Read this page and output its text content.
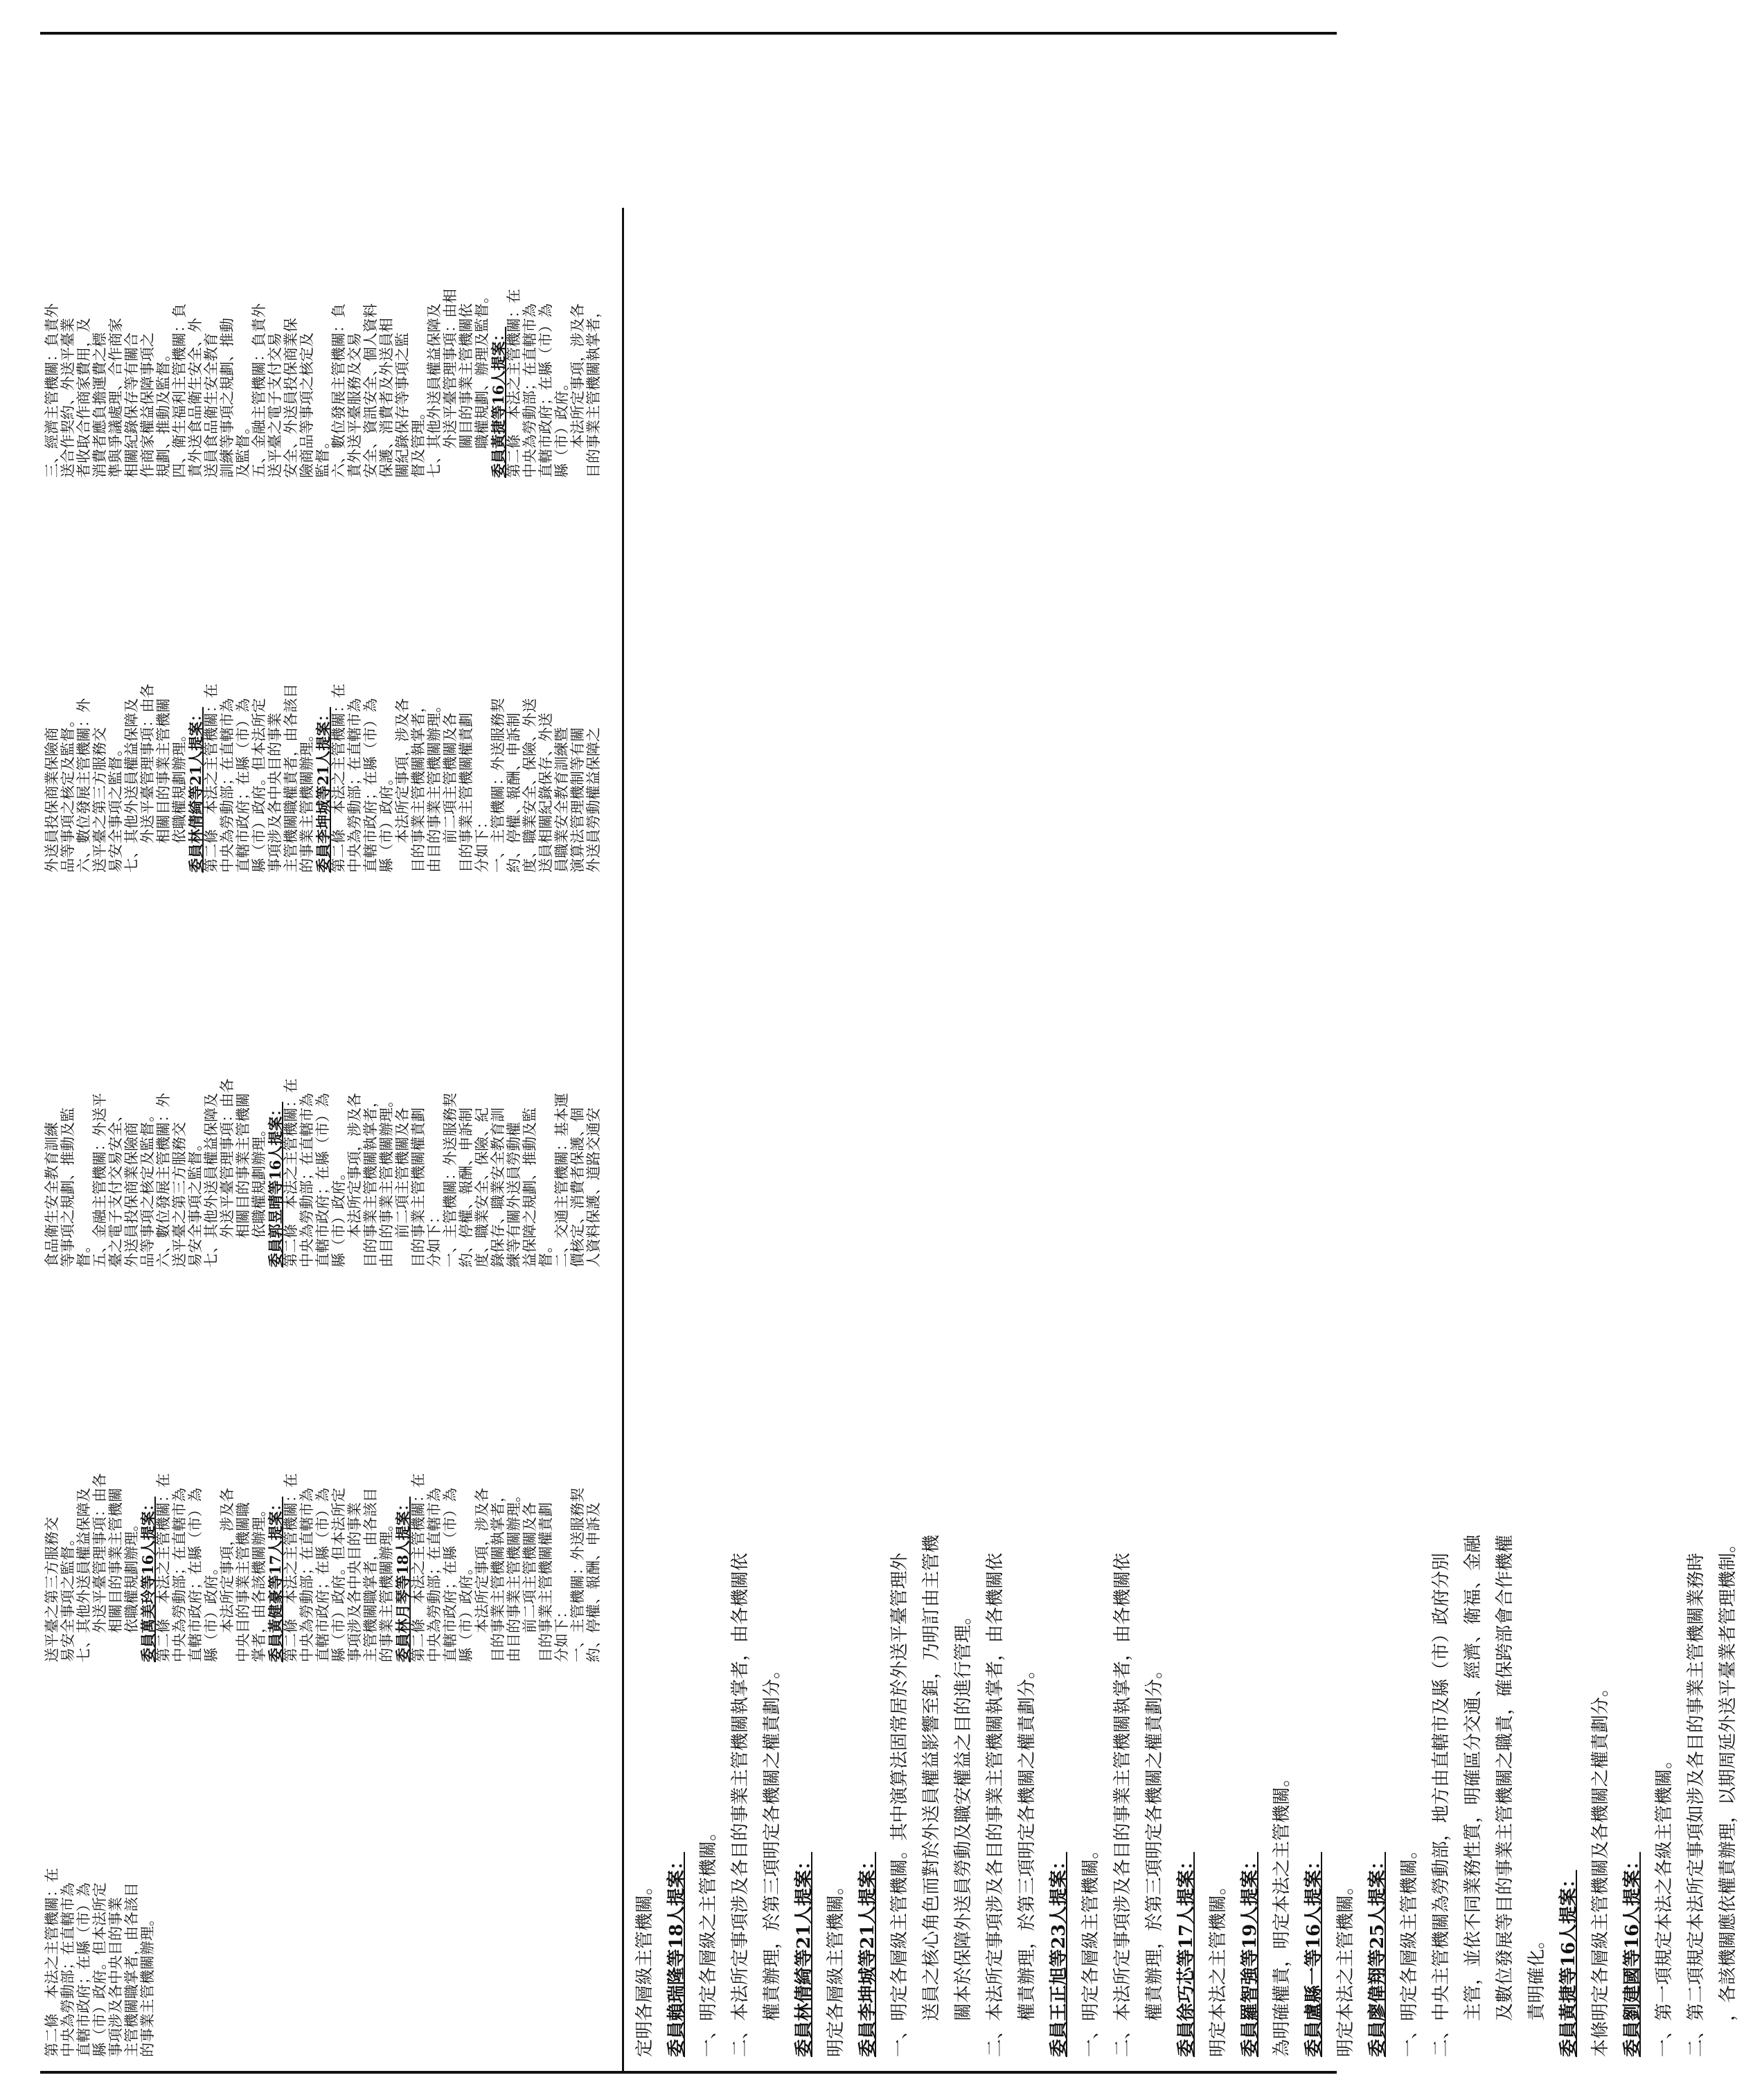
定明各層級主管機關。 委員賴瑞隆等18人提案： 一、明定各層級之主管機關。 二、本法所定事項涉及各目的事業主管機關執掌者，由各機關依 　　權責辦理，於第三項明定各機關之權責劃分。 委員林倩綺等21人提案： 明定各層級主管機關。 委員李坤城等21人提案： 一、明定各層級主管機關。其中演算法固常居於外送平臺管理外 　　送員之核心角色而對於外送員權益影響至鉅，乃明訂由主管機 　　關本於保障外送員勞動及職安權益之目的進行管理。 二、本法所定事項涉及各目的事業主管機關執掌者，由各機關依 　　權責辦理，於第三項明定各機關之權責劃分。 委員王正旭等23人提案： 一、明定各層級主管機關。 二、本法所定事項涉及各目的事業主管機關執掌者，由各機關依 　　權責辦理，於第三項明定各機關之權責劃分。 委員徐巧芯等17人提案： 明定本法之主管機關。 委員羅智強等19人提案： 為明確權責，明定本法之主管機關。 委員盧縣一等16人提案： 明定本法之主管機關。 委員廖偉翔等25人提案： 一、明定各層級主管機關。 二、中央主管機關為勞動部，地方由直轄市及縣（市）政府分別 　　主管，並依不同業務性質，明確區分交通、經濟、衛福、金融 　　及數位發展等目的事業主管機關之職責，確保跨部會合作機權 　　責明確化。 委員黃捷等16人提案： 本條明定各層級主管機關及各機關之權責劃分。 委員劉建國等16人提案： 一、第一項規定本法之各級主管機關。 二、第二項規定本法所定事項如涉及各目的事業主管機關業務時 　　，各該機關應依權責辦理，以期周延外送平臺業者管理機制。
第二條　本法之主管機關：在 中央為勞動部；在直轄市為 直轄市政府；在縣（市）為 縣（市）政府。但本法所定 事項涉及各中央目的事業 主管機關職掌者，由各該目 的事業主管機關辦理。
送平臺之第三方服務交 易安全事項之監督。 七、其他外送員權益保障及 　　外送平臺管理事項：由各 　　相關目的事業主管機關 　　依職權規劃辦理。 委員萬美玲等16人提案：
第二條　本法之主管機關：在 中央為勞動部；在直轄市為 直轄市政府；在縣（市）為 縣（市）政府。 　　本法所定事項，涉及各 中央目的事業主管機關職 掌者，由各該機關辦理。 委員黃健豪等17人提案：
第二條　本法之主管機關：在 中央為勞動部；在直轄市為 直轄市政府；在縣（市）為 縣（市）政府。但本法所定 事項涉及各中央目的事業 主管機關職掌者，由各該目 的事業主管機關辦理。 委員林月琴等18人提案：
第二條　本法之主管機關：在 中央為勞動部；在直轄市為 直轄市政府；在縣（市）為 縣（市）政府。 　　本法所定事項，涉及各 目的事業主管機關執掌者， 由目的事業主管機關辦理。 　　前二項主管機關及各 目的事業主管機關權責劃 分如下： 一、主管機關：外送服務契 約、停權、報酬、申訴及
食品衛生安全教育訓練 等事項之規劃、推動及監 督。 五、金融主管機關：外送平 臺之電子支付交易安全、 外送員投保商業保險商 品等事項之核定及監督。 六、數位發展主管機關：外 送平臺之第三方服務交 易安全事項之監督。 七、其他外送員權益保障及 　　外送平臺管理事項：由各 　　相關目的事業主管機關 　　依職權規劃辦理。 委員郭昱晴等16人提案：
第二條　本法之主管機關：在 中央為勞動部；在直轄市為 直轄市政府；在縣（市）為 縣（市）政府。 　　本法所定事項，涉及各 目的事業主管機關執掌者， 由目的事業主管機關辦理。 　　前二項主管機關及各 目的事業主管機關權責劃 分如下： 一、主管機關：外送服務契 約、停權、報酬、申訴制 度、職業安全、保險、紀 錄保存、職業安全教育訓 練等有關外送員勞動權 益保障之規劃、推動及監 督。 二、交通主管機關：基本運 價核定、消費者保護、個 人資料保護、道路交通安
外送員投保商業保險商 品等事項之核定及監督。 六、數位發展主管機關：外 送平臺之第三方服務交 易安全事項之監督。 七、其他外送員權益保障及 　　外送平臺管理事項：由各 　　相關目的事業主管機關 　　依職權規劃辦理。 委員林倩綺等21人提案：
第二條　本法之主管機關：在 中央為勞動部；在直轄市為 直轄市政府；在縣（市）為 縣（市）政府。但本法所定 事項涉及各中央目的事業 主管機關職權責者，由各該目 的事業主管機關辦理。 委員李坤城等21人提案：
第二條　本法之主管機關：在 中央為勞動部；在直轄市為 直轄市政府；在縣（市）為 縣（市）政府。 　　本法所定事項，涉及各 目的事業主管機關執掌者， 由目的事業主管機關辦理。 　　前二項主管機關及各 目的事業主管機關權責劃 分如下： 一、主管機關：外送服務契 約、停權、報酬、申訴制 度、職業安全、保險、外送 送員相關紀錄保存、外送 員職業安全教育訓練暨 演算法管理機制等有關 外送員勞動權益保障之
三、經濟主管機關：負責外 送合作契約、外送平臺業 者收取合作商家費用，及 消費者應負擔運費之標 準與爭議處理、合作商家 相關紀錄保存等有關合 作商家權益保障事項之 規劃、推動及監督。 四、衛生福利主管機關：負 責外送食品衛生安全、外 送員食品衛生安全教育 訓練等事項之規劃、推動 及監督。 五、金融主管機關：負責外 送平臺之電子支付交易 安全、外送員投保商業保 險商品等事項之核定及 監督。 六、數位發展主管機關：負 責外送平臺服務及交易 安全、資訊安全、個人資料 保護、消費者及外送員相 關紀錄保存等事項之監 督及管理。 七、其他外送員權益保障及 　　外送平臺管理事項：由相 　　關目的事業主管機關依 　　職權規劃、辦理及監督。 委員黃捷等16人提案：
第二條　本法之主管機關：在 中央為勞動部；在直轄市為 直轄市政府；在縣（市）為 縣（市）政府。 　　本法所定事項，涉及各 目的事業主管機關執掌者，
